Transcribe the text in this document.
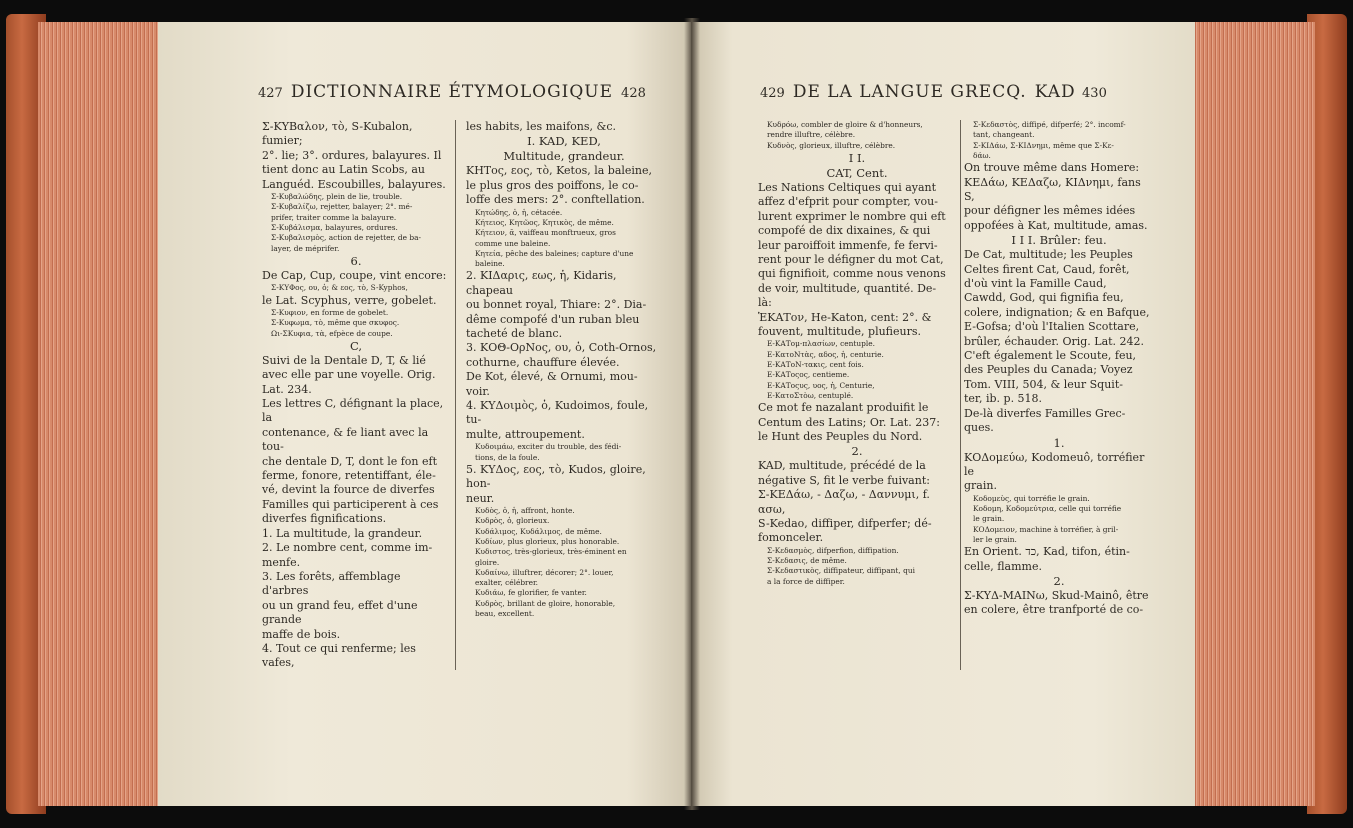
427 DICTIONNAIRE ÉTYMOLOGIQUE 428

Σ-ΚΥΒαλον, τὸ, S-Kubalon, fumier;

2°. lie; 3°. ordures, balayures. Il

tient donc au Latin Scobs, au

Languéd. Escoubilles, balayures.

Σ-Κυβαλώδης, plein de lie, trouble.

Σ-Κυβαλίζω, rejetter, balayer; 2°. mé-

prifer, traiter comme la balayure.

Σ-Κυβάλισμα, balayures, ordures.

Σ-Κυβαλισμὸς, action de rejetter, de ba-

layer, de méprifer.

6.

De Cap, Cup, coupe, vint encore:

Σ-ΚΥΦος, ου, ὁ; & εος, τὸ, S-Kyphos,

le Lat. Scyphus, verre, gobelet.

Σ-Κυφιον, en forme de gobelet.

Σ-Κυφωμα, τὸ, même que σκυφος.

Ωι-ΣΚυφια, τὰ, efpèce de coupe.

C,

Suivi de la Dentale D, T, & lié

avec elle par une voyelle. Orig.

Lat. 234.

Les lettres C, défignant la place, la

contenance, & fe liant avec la tou-

che dentale D, T, dont le fon eft

ferme, fonore, retentiffant, éle-

vé, devint la fource de diverfes

Familles qui participerent à ces

diverfes fignifications.

1. La multitude, la grandeur.

2. Le nombre cent, comme im-

menfe.

3. Les forêts, affemblage d'arbres

ou un grand feu, effet d'une grande

maffe de bois.

4. Tout ce qui renferme; les vafes,

les habits, les maifons, &c.

I. KAD, KED,

Multitude, grandeur.

ΚΗΤος, εος, τὸ, Ketos, la baleine,

le plus gros des poiffons, le co-

loffe des mers: 2°. conftellation.

Κητώδης, ὁ, ἡ, cétacée.

Κήτειος, Κητῶος, Κητικὸς, de même.

Κήτειον, ᾱ, vaiffeau monftrueux, gros

comme une baleine.

Κητεία, pêche des baleines; capture d'une

baleine.

2. ΚΙΔαρις, εως, ἡ, Kidaris, chapeau

ou bonnet royal, Thiare: 2°. Dia-

dême compofé d'un ruban bleu

tacheté de blanc.

3. ΚΟΘ-ΟρΝος, ου, ὁ, Coth-Ornos,

cothurne, chauffure élevée.

De Kot, élevé, & Ornumi, mou-

voir.

4. ΚΥΔοιμὸς, ὁ, Kudoimos, foule, tu-

multe, attroupement.

Κυδοιμάω, exciter du trouble, des fédi-

tions, de la foule.

5. ΚΥΔος, εος, τὸ, Kudos, gloire, hon-

neur.

Κυδὸς, ὁ, ἡ, affront, honte.

Κυδρὸς, ὁ, glorieux.

Κυδάλιμος, Κυδάλιμος, de même.

Κυδίων, plus glorieux, plus honorable.

Κυδιστος, très-glorieux, très-éminent en

gloire.

Κυδαίνω, illuftrer, décorer; 2°. louer,

exalter, célébrer.

Κυδιάω, fe glorifier, fe vanter.

Κυδρὸς, brillant de gloire, honorable,

beau, excellent.

429 DE LA LANGUE GRECQ. KAD 430

Κυδρόω, combler de gloire & d'honneurs,

rendre illuftre, célèbre.

Κυδνὸς, glorieux, illuftre, célèbre.

I I.

CAT, Cent.

Les Nations Celtiques qui ayant

affez d'efprit pour compter, vou-

lurent exprimer le nombre qui eft

compofé de dix dixaines, & qui

leur paroiffoit immenfe, fe fervi-

rent pour le défigner du mot Cat,

qui fignifioit, comme nous venons

de voir, multitude, quantité. De-

là:

ἙΚΑΤον, He-Katon, cent: 2°. &

fouvent, multitude, plufieurs.

Ε-ΚΑΤομ-πλασίων, centuple.

Ε-ΚατοΝτὰς, αδος, ἡ, centurie.

Ε-ΚΑΤοΝ-τακις, cent fois.

Ε-ΚΑΤοςος, centieme.

Ε-ΚΑΤοςυς, υος, ἡ, Centurie,

Ε-ΚατοΣτὸω, centuplé.

Ce mot fe nazalant produifit le

Centum des Latins; Or. Lat. 237:

le Hunt des Peuples du Nord.

2.

KAD, multitude, précédé de la

négative S, fit le verbe fuivant:

Σ-ΚΕΔάω, - Δαζω, - Δαννυμι, f. ασω,

S-Kedao, diffiper, difperfer; dé-

fomonceler.

Σ-Κεδασμὸς, difperfion, diffipation.

Σ-Κεδασις, de même.

Σ-Κεδαστικὸς, diffipateur, diffipant, qui

a la force de diffiper.

Σ-Κεδαστὸς, diffipé, difperfé; 2°. incomf-

tant, changeant.

Σ-ΚΙΔάω, Σ-ΚΙΔνημι, même que Σ-Κε-

δάω.

On trouve même dans Homere:

ΚΕΔάω, ΚΕΔαζω, ΚΙΔνημι, fans S,

pour défigner les mêmes idées

oppofées à Kat, multitude, amas.

I I I. Brûler: feu.

De Cat, multitude; les Peuples

Celtes firent Cat, Caud, forêt,

d'où vint la Famille Caud,

Cawdd, God, qui fignifia feu,

colere, indignation; & en Bafque,

E-Gofsa; d'où l'Italien Scottare,

brûler, échauder. Orig. Lat. 242.

C'eft également le Scoute, feu,

des Peuples du Canada; Voyez

Tom. VIII, 504, & leur Squit-

ter, ib. p. 518.

De-là diverfes Familles Grec-

ques.

1.

ΚΟΔομεύω, Kodomeuô, torréfier le

grain.

Κοδομεὺς, qui torréfie le grain.

Κοδομη, Κοδομεύτρια, celle qui torréfie

le grain.

ΚΟΔομειον, machine à torréfier, à gril-

ler le grain.

En Orient. כד, Kad, tifon, étin-

celle, flamme.

2.

Σ-ΚΥΔ-ΜΑΙΝω, Skud-Mainô, être

en colere, être tranfporté de co-
